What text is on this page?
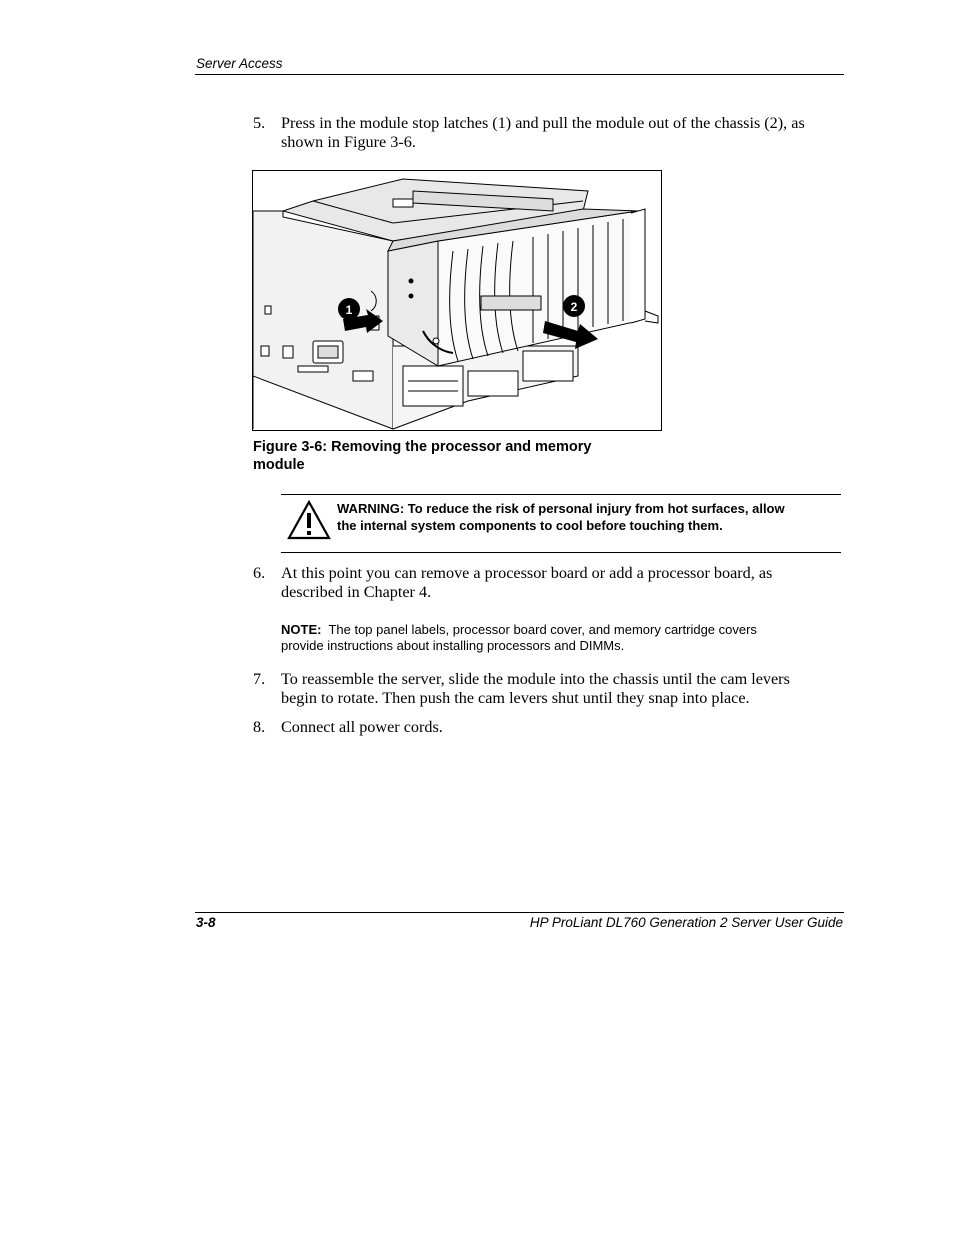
Server Access
5. Press in the module stop latches (1) and pull the module out of the chassis (2), as
shown in Figure 3-6.
1	2
Figure 3-6: Removing the processor and memory
module
WARNING: To reduce the risk of personal injury from hot surfaces, allow
the internal system components to cool before touching them.
6. At this point you can remove a processor board or add a processor board, as
described in Chapter 4.
NOTE:  The top panel labels, processor board cover, and memory cartridge covers
provide instructions about installing processors and DIMMs.
7. To reassemble the server, slide the module into the chassis until the cam levers
begin to rotate. Then push the cam levers shut until they snap into place.
8. Connect all power cords.
3-8	HP ProLiant DL760 Generation 2 Server User Guide
